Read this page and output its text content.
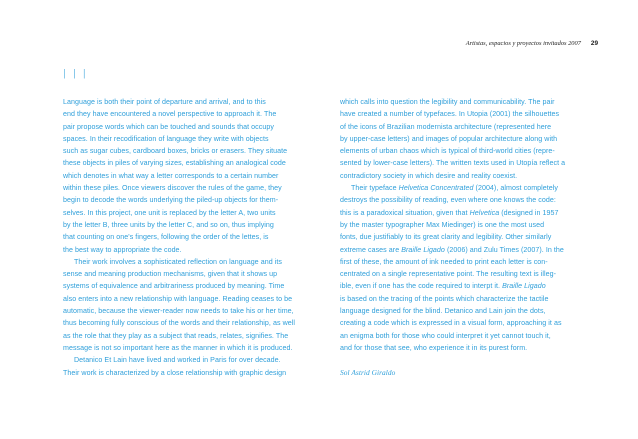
Artistas, espacios y proyectos invitados 2007 29
| | |
Language is both their point of departure and arrival, and to this
end they have encountered a novel perspective to approach it. The
pair propose words which can be touched and sounds that occupy
spaces. In their recodification of language they write with objects
such as sugar cubes, cardboard boxes, bricks or erasers. They situate
these objects in piles of varying sizes, establishing an analogical code
which denotes in what way a letter corresponds to a certain number
within these piles. Once viewers discover the rules of the game, they
begin to decode the words underlying the piled-up objects for them-
selves. In this project, one unit is replaced by the letter A, two units
by the letter B, three units by the letter C, and so on, thus implying
that counting on one's fingers, following the order of the lettes, is
the best way to appropriate the code.
Their work involves a sophisticated reflection on language and its
sense and meaning production mechanisms, given that it shows up
systems of equivalence and arbitrariness produced by meaning. Time
also enters into a new relationship with language. Reading ceases to be
automatic, because the viewer-reader now needs to take his or her time,
thus becoming fully conscious of the words and their relationship, as well
as the role that they play as a subject that reads, relates, signifies. The
message is not so important here as the manner in which it is produced.
Detanico Et Lain have lived and worked in Paris for over decade.
Their work is characterized by a close relationship with graphic design
which calls into question the legibility and communicability. The pair
have created a number of typefaces. In Utopia (2001) the silhouettes
of the icons of Brazilian modernista architecture (represented here
by upper-case letters) and images of popular architecture along with
elements of urban chaos which is typical of third-world cities (repre-
sented by lower-case letters). The written texts used in Utopía reflect a
contradictory society in which desire and reality coexist.
Their typeface Helvetica Concentrated (2004), almost completely
destroys the possibility of reading, even where one knows the code:
this is a paradoxical situation, given that Helvetica (designed in 1957
by the master typographer Max Miedinger) is one the most used
fonts, due justifiably to its great clarity and legibility. Other similarly
extreme cases are Braille Ligado (2006) and Zulu Times (2007). In the
first of these, the amount of ink needed to print each letter is con-
centrated on a single representative point. The resulting text is illeg-
ible, even if one has the code required to interpt it. Braille Ligado
is based on the tracing of the points which characterize the tactile
language designed for the blind. Detanico and Lain join the dots,
creating a code which is expressed in a visual form, approaching it as
an enigma both for those who could interpret it yet cannot touch it,
and for those that see, who experience it in its purest form.
Sol Astrid Giraldo
